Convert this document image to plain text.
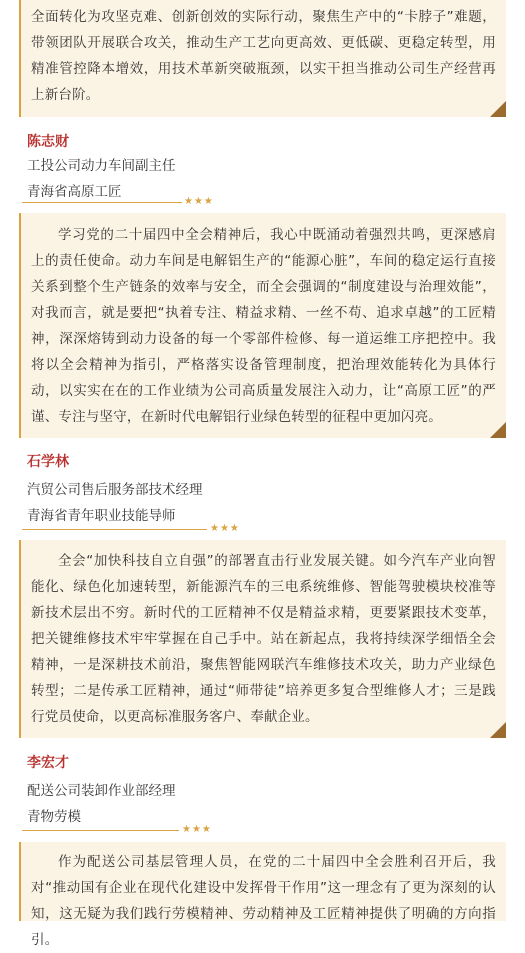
全面转化为攻坚克难、创新创效的实际行动，聚焦生产中的“卡脖子”难题，带领团队开展联合攻关，推动生产工艺向更高效、更低碳、更稳定转型，用精准管控降本增效，用技术革新突破瓶颈，以实干担当推动公司生产经营再上新台阶。

陈志财
工投公司动力车间副主任
青海省高原工匠
★★★

学习党的二十届四中全会精神后，我心中既涌动着强烈共鸣，更深感肩上的责任使命。动力车间是电解铝生产的“能源心脏”，车间的稳定运行直接关系到整个生产链条的效率与安全，而全会强调的“制度建设与治理效能”，对我而言，就是要把“执着专注、精益求精、一丝不苟、追求卓越”的工匠精神，深深熔铸到动力设备的每一个零部件检修、每一道运维工序把控中。我将以全会精神为指引，严格落实设备管理制度，把治理效能转化为具体行动，以实实在在的工作业绩为公司高质量发展注入动力，让“高原工匠”的严谨、专注与坚守，在新时代电解铝行业绿色转型的征程中更加闪亮。

石学林
汽贸公司售后服务部技术经理
青海省青年职业技能导师
★★★

全会“加快科技自立自强”的部署直击行业发展关键。如今汽车产业向智能化、绿色化加速转型，新能源汽车的三电系统维修、智能驾驶模块校准等新技术层出不穷。新时代的工匠精神不仅是精益求精，更要紧跟技术变革，把关键维修技术牢牢掌握在自己手中。站在新起点，我将持续深学细悟全会精神，一是深耕技术前沿，聚焦智能网联汽车维修技术攻关，助力产业绿色转型；二是传承工匠精神，通过“师带徒”培养更多复合型维修人才；三是践行党员使命，以更高标准服务客户、奉献企业。

李宏才
配送公司装卸作业部经理
青物劳模
★★★

作为配送公司基层管理人员，在党的二十届四中全会胜利召开后，我对“推动国有企业在现代化建设中发挥骨干作用”这一理念有了更为深刻的认知，这无疑为我们践行劳模精神、劳动精神及工匠精神提供了明确的方向指引。
